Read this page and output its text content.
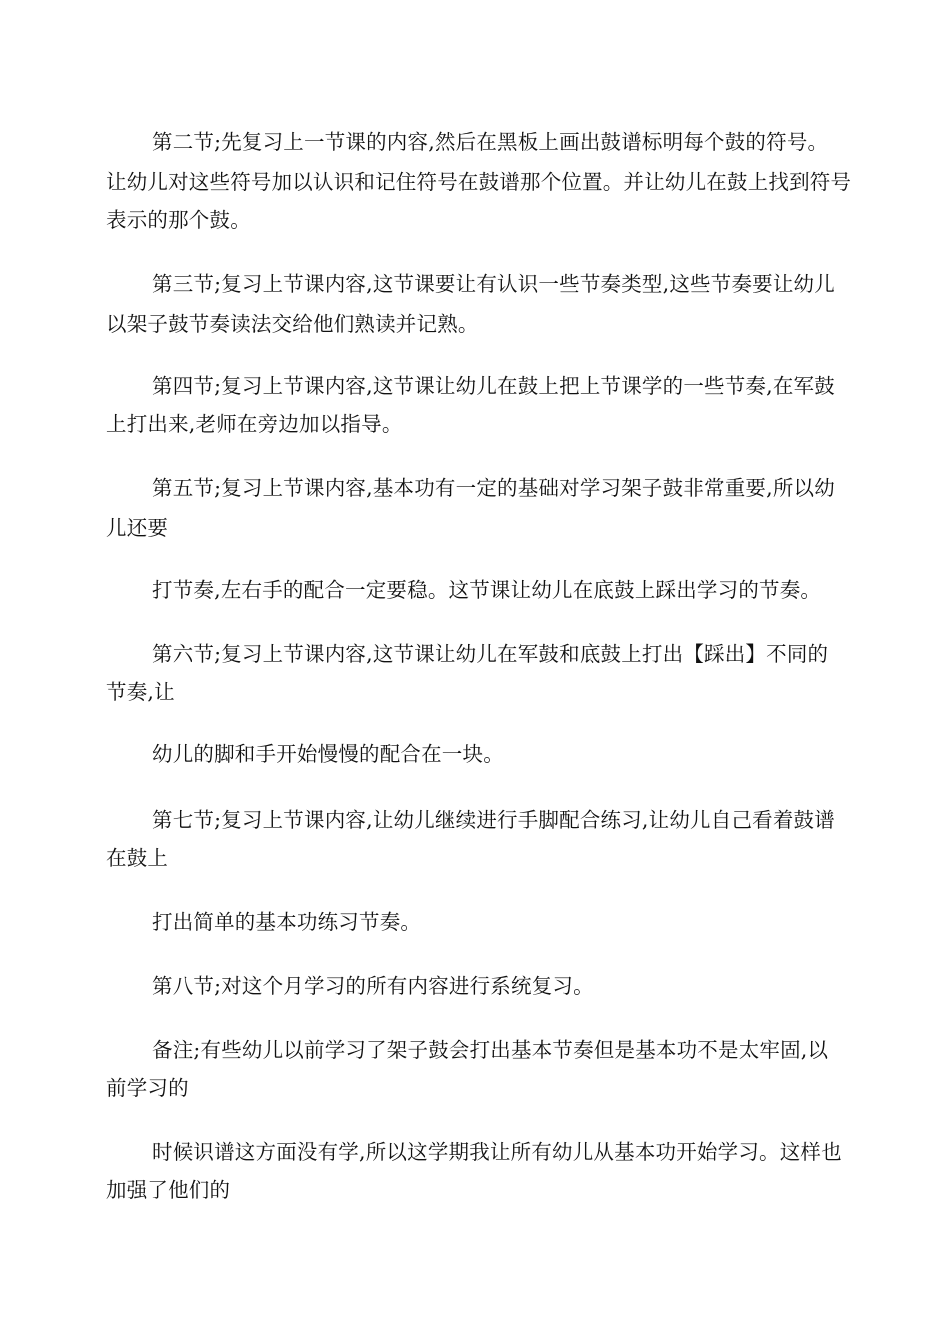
第二节;先复习上一节课的内容,然后在黑板上画出鼓谱标明每个鼓的符号。
让幼儿对这些符号加以认识和记住符号在鼓谱那个位置。并让幼儿在鼓上找到符号
表示的那个鼓。
第三节;复习上节课内容,这节课要让有认识一些节奏类型,这些节奏要让幼儿
以架子鼓节奏读法交给他们熟读并记熟。
第四节;复习上节课内容,这节课让幼儿在鼓上把上节课学的一些节奏,在军鼓
上打出来,老师在旁边加以指导。
第五节;复习上节课内容,基本功有一定的基础对学习架子鼓非常重要,所以幼
儿还要
打节奏,左右手的配合一定要稳。这节课让幼儿在底鼓上踩出学习的节奏。
第六节;复习上节课内容,这节课让幼儿在军鼓和底鼓上打出【踩出】不同的
节奏,让
幼儿的脚和手开始慢慢的配合在一块。
第七节;复习上节课内容,让幼儿继续进行手脚配合练习,让幼儿自己看着鼓谱
在鼓上
打出简单的基本功练习节奏。
第八节;对这个月学习的所有内容进行系统复习。
备注;有些幼儿以前学习了架子鼓会打出基本节奏但是基本功不是太牢固,以
前学习的
时候识谱这方面没有学,所以这学期我让所有幼儿从基本功开始学习。这样也
加强了他们的
